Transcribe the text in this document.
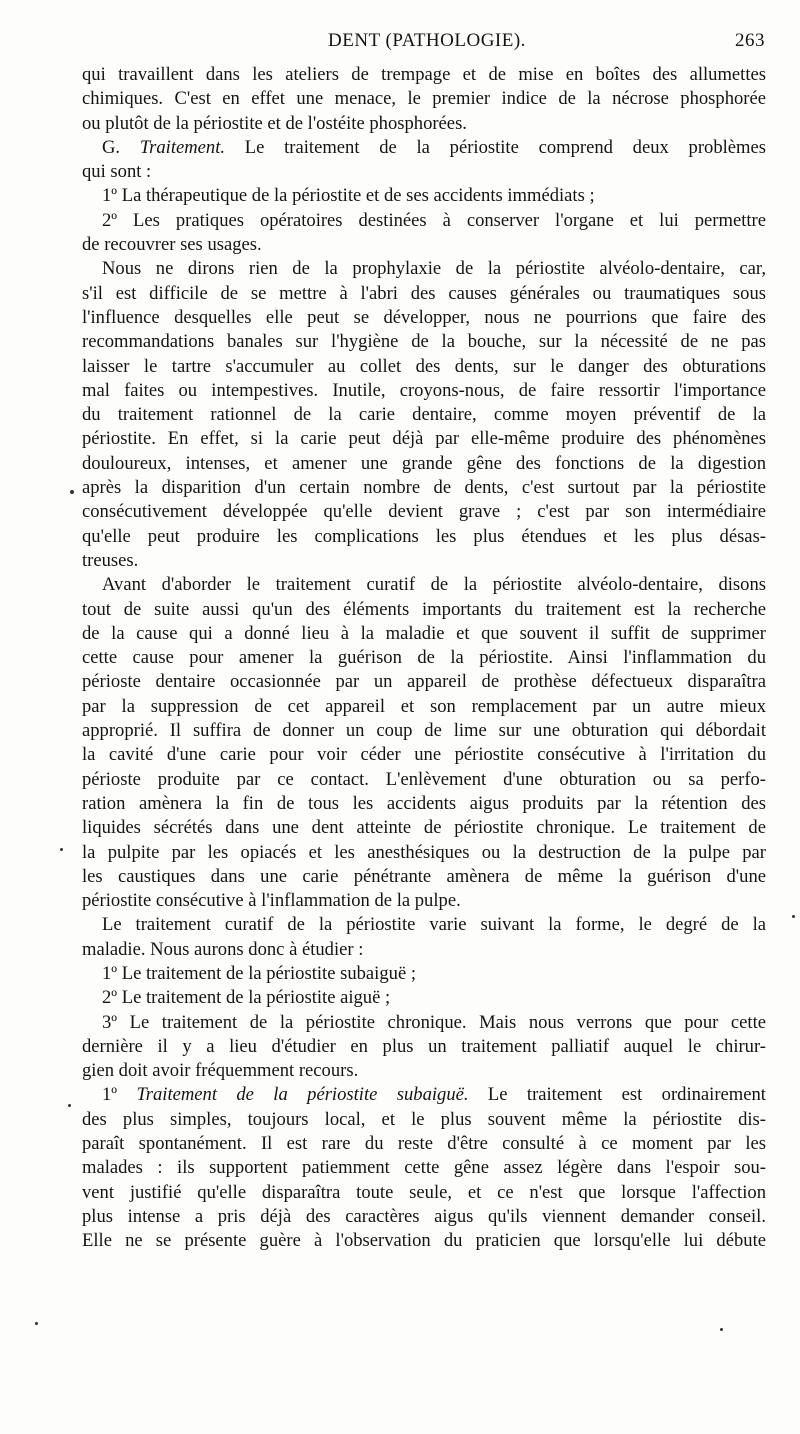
DENT (PATHOLOGIE).	263
qui travaillent dans les ateliers de trempage et de mise en boîtes des allumettes
chimiques. C'est en effet une menace, le premier indice de la nécrose phosphorée
ou plutôt de la périostite et de l'ostéite phosphorées.
G. Traitement. Le traitement de la périostite comprend deux problèmes
qui sont :
1º La thérapeutique de la périostite et de ses accidents immédiats ;
2º Les pratiques opératoires destinées à conserver l'organe et lui permettre
de recouvrer ses usages.
Nous ne dirons rien de la prophylaxie de la périostite alvéolo-dentaire, car,
s'il est difficile de se mettre à l'abri des causes générales ou traumatiques sous
l'influence desquelles elle peut se développer, nous ne pourrions que faire des
recommandations banales sur l'hygiène de la bouche, sur la nécessité de ne pas
laisser le tartre s'accumuler au collet des dents, sur le danger des obturations
mal faites ou intempestives. Inutile, croyons-nous, de faire ressortir l'importance
du traitement rationnel de la carie dentaire, comme moyen préventif de la
périostite. En effet, si la carie peut déjà par elle-même produire des phénomènes
douloureux, intenses, et amener une grande gêne des fonctions de la digestion
après la disparition d'un certain nombre de dents, c'est surtout par la périostite
consécutivement développée qu'elle devient grave ; c'est par son intermédiaire
qu'elle peut produire les complications les plus étendues et les plus désas-
treuses.
Avant d'aborder le traitement curatif de la périostite alvéolo-dentaire, disons
tout de suite aussi qu'un des éléments importants du traitement est la recherche
de la cause qui a donné lieu à la maladie et que souvent il suffit de supprimer
cette cause pour amener la guérison de la périostite. Ainsi l'inflammation du
périoste dentaire occasionnée par un appareil de prothèse défectueux disparaîtra
par la suppression de cet appareil et son remplacement par un autre mieux
approprié. Il suffira de donner un coup de lime sur une obturation qui débordait
la cavité d'une carie pour voir céder une périostite consécutive à l'irritation du
périoste produite par ce contact. L'enlèvement d'une obturation ou sa perfo-
ration amènera la fin de tous les accidents aigus produits par la rétention des
liquides sécrétés dans une dent atteinte de périostite chronique. Le traitement de
la pulpite par les opiacés et les anesthésiques ou la destruction de la pulpe par
les caustiques dans une carie pénétrante amènera de même la guérison d'une
périostite consécutive à l'inflammation de la pulpe.
Le traitement curatif de la périostite varie suivant la forme, le degré de la
maladie. Nous aurons donc à étudier :
1º Le traitement de la périostite subaiguë ;
2º Le traitement de la périostite aiguë ;
3º Le traitement de la périostite chronique. Mais nous verrons que pour cette
dernière il y a lieu d'étudier en plus un traitement palliatif auquel le chirur-
gien doit avoir fréquemment recours.
1º Traitement de la périostite subaiguë. Le traitement est ordinairement
des plus simples, toujours local, et le plus souvent même la périostite dis-
paraît spontanément. Il est rare du reste d'être consulté à ce moment par les
malades : ils supportent patiemment cette gêne assez légère dans l'espoir sou-
vent justifié qu'elle disparaîtra toute seule, et ce n'est que lorsque l'affection
plus intense a pris déjà des caractères aigus qu'ils viennent demander conseil.
Elle ne se présente guère à l'observation du praticien que lorsqu'elle lui débute
